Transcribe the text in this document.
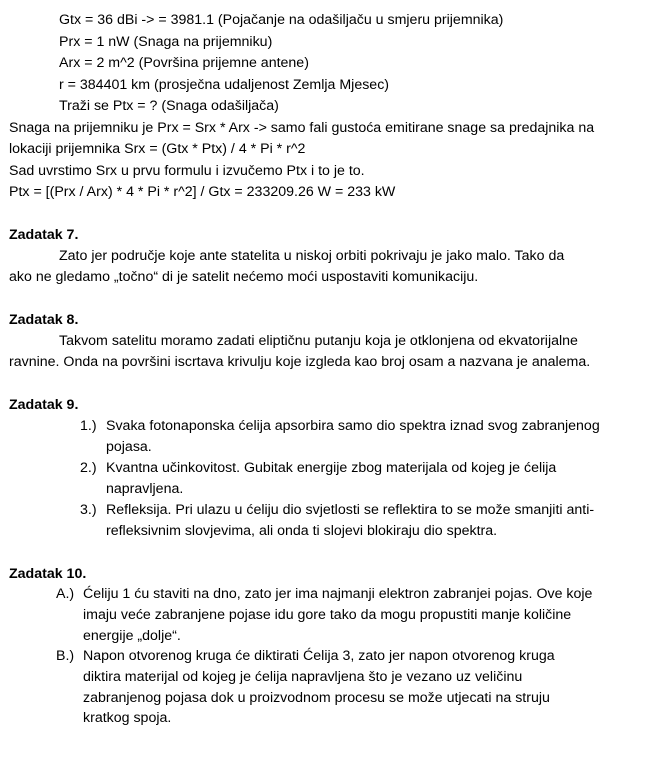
Gtx = 36 dBi -> = 3981.1 (Pojačanje na odašiljaču u smjeru prijemnika)
Prx = 1 nW (Snaga na prijemniku)
Arx = 2 m^2 (Površina prijemne antene)
r = 384401 km (prosječna udaljenost Zemlja Mjesec)
Traži se Ptx = ? (Snaga odašiljača)
Snaga na prijemniku je Prx = Srx * Arx -> samo fali gustoća emitirane snage sa predajnika na
lokaciji prijemnika Srx = (Gtx * Ptx) / 4 * Pi * r^2
Sad uvrstimo Srx u prvu formulu i izvučemo Ptx i to je to.
Ptx = [(Prx / Arx) * 4 * Pi * r^2] / Gtx = 233209.26 W = 233 kW
Zadatak 7.
Zato jer područje koje ante statelita u niskoj orbiti pokrivaju je jako malo. Tako da
ako ne gledamo „točno“ di je satelit nećemo moći uspostaviti komunikaciju.
Zadatak 8.
Takvom satelitu moramo zadati eliptičnu putanju koja je otklonjena od ekvatorijalne
ravnine. Onda na površini iscrtava krivulju koje izgleda kao broj osam a nazvana je analema.
Zadatak 9.
1.) Svaka fotonaponska ćelija apsorbira samo dio spektra iznad svog zabranjenog
pojasa.
2.) Kvantna učinkovitost. Gubitak energije zbog materijala od kojeg je ćelija
napravljena.
3.) Refleksija. Pri ulazu u ćeliju dio svjetlosti se reflektira to se može smanjiti anti-
refleksivnim slovjevima, ali onda ti slojevi blokiraju dio spektra.
Zadatak 10.
A.) Ćeliju 1 ću staviti na dno, zato jer ima najmanji elektron zabranjei pojas. Ove koje
imaju veće zabranjene pojase idu gore tako da mogu propustiti manje količine
energije „dolje“.
B.) Napon otvorenog kruga će diktirati Ćelija 3, zato jer napon otvorenog kruga
diktira materijal od kojeg je ćelija napravljena što je vezano uz veličinu
zabranjenog pojasa dok u proizvodnom procesu se može utjecati na struju
kratkog spoja.
